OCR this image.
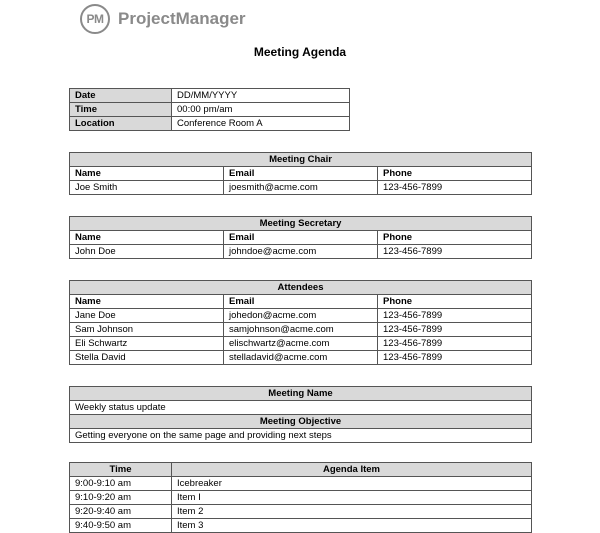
PM ProjectManager
Meeting Agenda
Date	DD/MM/YYYY
Time	00:00 pm/am
Location	Conference Room A
Meeting Chair		
Name	Email	Phone
Joe Smith	joesmith@acme.com	123-456-7899
Meeting Secretary		
Name	Email	Phone
John Doe	johndoe@acme.com	123-456-7899
Attendees		
Name	Email	Phone
Jane Doe	johedon@acme.com	123-456-7899
Sam Johnson	samjohnson@acme.com	123-456-7899
Eli Schwartz	elischwartz@acme.com	123-456-7899
Stella David	stelladavid@acme.com	123-456-7899
Meeting Name
Weekly status update
Meeting Objective
Getting everyone on the same page and providing next steps
Time	Agenda Item
9:00-9:10 am	Icebreaker
9:10-9:20 am	Item I
9:20-9:40 am	Item 2
9:40-9:50 am	Item 3
